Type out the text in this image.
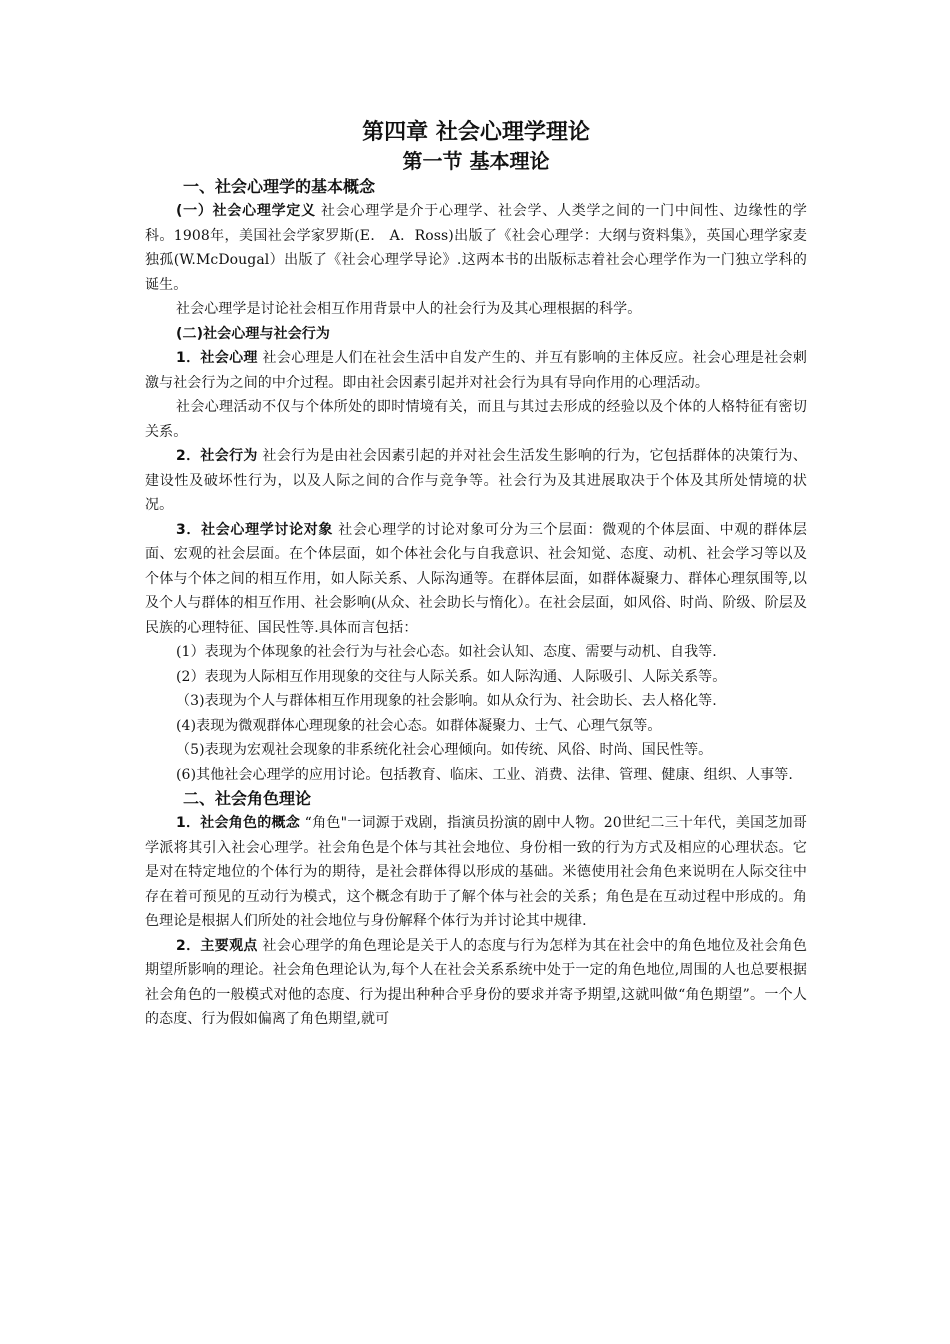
第四章 社会心理学理论
第一节 基本理论
一、社会心理学的基本概念

(一）社会心理学定义 社会心理学是介于心理学、社会学、人类学之间的一门中间性、边缘性的学科。1908年，美国社会学家罗斯(E． A．Ross)出版了《社会心理学：大纲与资料集》，英国心理学家麦独孤(W.McDougal）出版了《社会心理学导论》.这两本书的出版标志着社会心理学作为一门独立学科的诞生。

社会心理学是讨论社会相互作用背景中人的社会行为及其心理根据的科学。

(二)社会心理与社会行为

1．社会心理 社会心理是人们在社会生活中自发产生的、并互有影响的主体反应。社会心理是社会刺激与社会行为之间的中介过程。即由社会因素引起并对社会行为具有导向作用的心理活动。

社会心理活动不仅与个体所处的即时情境有关，而且与其过去形成的经验以及个体的人格特征有密切关系。

2．社会行为 社会行为是由社会因素引起的并对社会生活发生影响的行为，它包括群体的决策行为、建设性及破坏性行为，以及人际之间的合作与竞争等。社会行为及其进展取决于个体及其所处情境的状况。

3．社会心理学讨论对象 社会心理学的讨论对象可分为三个层面：微观的个体层面、中观的群体层面、宏观的社会层面。在个体层面，如个体社会化与自我意识、社会知觉、态度、动机、社会学习等以及个体与个体之间的相互作用，如人际关系、人际沟通等。在群体层面，如群体凝聚力、群体心理氛围等,以及个人与群体的相互作用、社会影响(从众、社会助长与惰化）。在社会层面，如风俗、时尚、阶级、阶层及民族的心理特征、国民性等.具体而言包括：

(1）表现为个体现象的社会行为与社会心态。如社会认知、态度、需要与动机、自我等.

(2）表现为人际相互作用现象的交往与人际关系。如人际沟通、人际吸引、人际关系等。

（3)表现为个人与群体相互作用现象的社会影响。如从众行为、社会助长、去人格化等.

(4)表现为微观群体心理现象的社会心态。如群体凝聚力、士气、心理气氛等。

（5)表现为宏观社会现象的非系统化社会心理倾向。如传统、风俗、时尚、国民性等。

(6)其他社会心理学的应用讨论。包括教育、临床、工业、消费、法律、管理、健康、组织、人事等.

二、社会角色理论

1．社会角色的概念 “角色"一词源于戏剧，指演员扮演的剧中人物。20世纪二三十年代，美国芝加哥学派将其引入社会心理学。社会角色是个体与其社会地位、身份相一致的行为方式及相应的心理状态。它是对在特定地位的个体行为的期待，是社会群体得以形成的基础。米德使用社会角色来说明在人际交往中存在着可预见的互动行为模式，这个概念有助于了解个体与社会的关系；角色是在互动过程中形成的。角色理论是根据人们所处的社会地位与身份解释个体行为并讨论其中规律.

2．主要观点 社会心理学的角色理论是关于人的态度与行为怎样为其在社会中的角色地位及社会角色期望所影响的理论。社会角色理论认为,每个人在社会关系系统中处于一定的角色地位,周围的人也总要根据社会角色的一般模式对他的态度、行为提出种种合乎身份的要求并寄予期望,这就叫做“角色期望”。一个人的态度、行为假如偏离了角色期望,就可
